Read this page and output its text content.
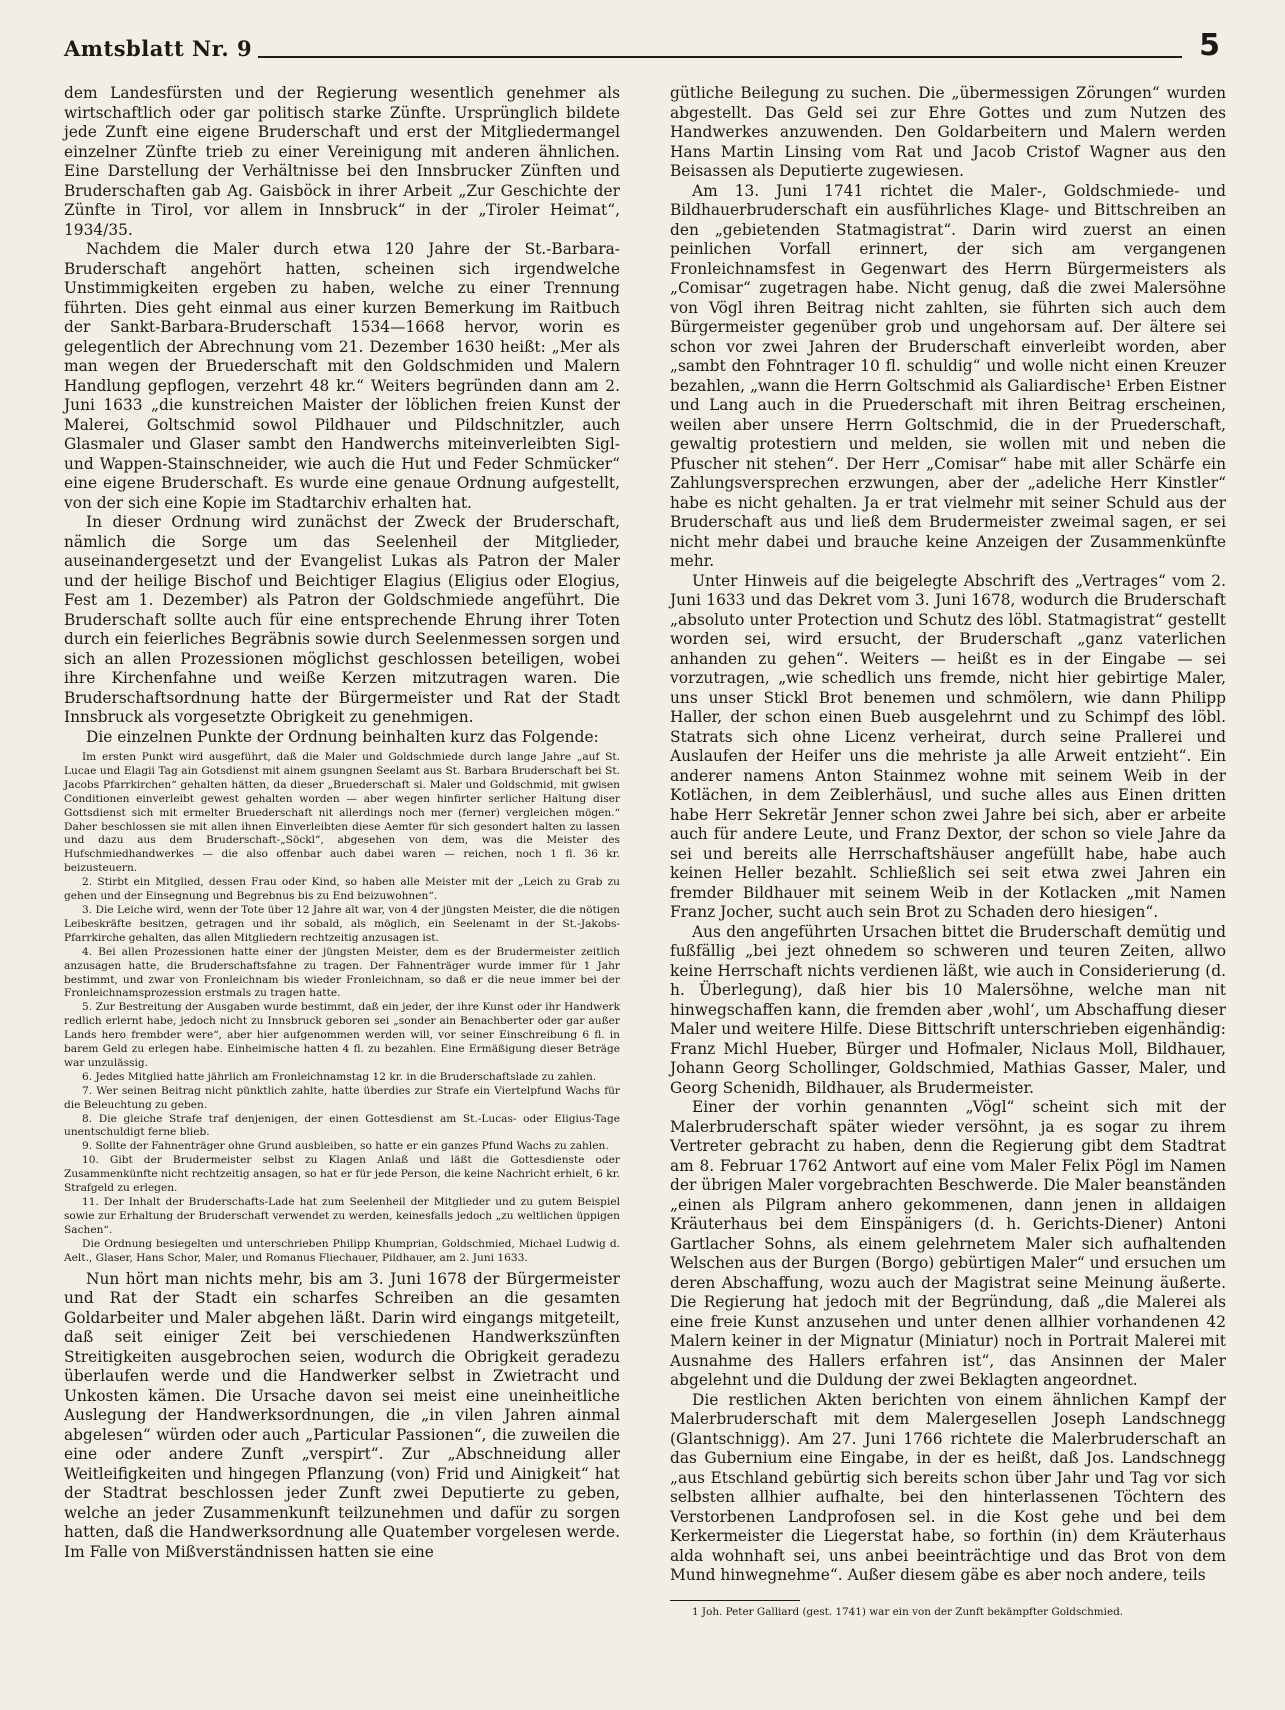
Amtsblatt Nr. 9	5

dem Landesfürsten und der Regierung wesentlich genehmer als wirtschaftlich oder gar politisch starke Zünfte. Ursprünglich bildete jede Zunft eine eigene Bruderschaft und erst der Mitgliedermangel einzelner Zünfte trieb zu einer Vereinigung mit anderen ähnlichen. Eine Darstellung der Verhältnisse bei den Innsbrucker Zünften und Bruderschaften gab Ag. Gaisböck in ihrer Arbeit „Zur Geschichte der Zünfte in Tirol, vor allem in Innsbruck“ in der „Tiroler Heimat“, 1934/35.

Nachdem die Maler durch etwa 120 Jahre der St.-Barbara-Bruderschaft angehört hatten, scheinen sich irgendwelche Unstimmigkeiten ergeben zu haben, welche zu einer Trennung führten. Dies geht einmal aus einer kurzen Bemerkung im Raitbuch der Sankt-Barbara-Bruderschaft 1534—1668 hervor, worin es gelegentlich der Abrechnung vom 21. Dezember 1630 heißt: „Mer als man wegen der Bruederschaft mit den Goldschmiden und Malern Handlung gepflogen, verzehrt 48 kr.“ Weiters begründen dann am 2. Juni 1633 „die kunstreichen Maister der löblichen freien Kunst der Malerei, Goltschmid sowol Pildhauer und Pildschnitzler, auch Glasmaler und Glaser sambt den Handwerchs miteinverleibten Sigl- und Wappen-Stainschneider, wie auch die Hut und Feder Schmücker“ eine eigene Bruderschaft. Es wurde eine genaue Ordnung aufgestellt, von der sich eine Kopie im Stadtarchiv erhalten hat.

In dieser Ordnung wird zunächst der Zweck der Bruderschaft, nämlich die Sorge um das Seelenheil der Mitglieder, auseinandergesetzt und der Evangelist Lukas als Patron der Maler und der heilige Bischof und Beichtiger Elagius (Eligius oder Elogius, Fest am 1. Dezember) als Patron der Goldschmiede angeführt. Die Bruderschaft sollte auch für eine entsprechende Ehrung ihrer Toten durch ein feierliches Begräbnis sowie durch Seelenmessen sorgen und sich an allen Prozessionen möglichst geschlossen beteiligen, wobei ihre Kirchenfahne und weiße Kerzen mitzutragen waren. Die Bruderschaftsordnung hatte der Bürgermeister und Rat der Stadt Innsbruck als vorgesetzte Obrigkeit zu genehmigen.

Die einzelnen Punkte der Ordnung beinhalten kurz das Folgende:

Im ersten Punkt wird ausgeführt, daß die Maler und Goldschmiede durch lange Jahre „auf St. Lucae und Elagii Tag ain Gotsdienst mit ainem gsungnen Seelamt aus St. Barbara Bruderschaft bei St. Jacobs Pfarrkirchen“ gehalten hätten, da dieser „Bruederschaft si. Maler und Goldschmid, mit gwisen Conditionen einverleibt gewest gehalten worden — aber wegen hinfirter serlicher Haltung diser Gottsdienst sich mit ermelter Bruederschaft nit allerdings noch mer (ferner) vergleichen mögen.“ Daher beschlossen sie mit allen ihnen Einverleibten diese Aemter für sich gesondert halten zu lassen und dazu aus dem Bruderschaft-„Söckl“, abgesehen von dem, was die Meister des Hufschmiedhandwerkes — die also offenbar auch dabei waren — reichen, noch 1 fl. 36 kr. beizusteuern.

2. Stirbt ein Mitglied, dessen Frau oder Kind, so haben alle Meister mit der „Leich zu Grab zu gehen und der Einsegnung und Begrebnus bis zu End beizuwohnen“.

3. Die Leiche wird, wenn der Tote über 12 Jahre alt war, von 4 der jüngsten Meister, die die nötigen Leibeskräfte besitzen, getragen und ihr sobald, als möglich, ein Seelenamt in der St.-Jakobs-Pfarrkirche gehalten, das allen Mitgliedern rechtzeitig anzusagen ist.

4. Bei allen Prozessionen hatte einer der jüngsten Meister, dem es der Brudermeister zeitlich anzusagen hatte, die Bruderschaftsfahne zu tragen. Der Fahnenträger wurde immer für 1 Jahr bestimmt, und zwar von Fronleichnam bis wieder Fronleichnam, so daß er die neue immer bei der Fronleichnamsprozession erstmals zu tragen hatte.

5. Zur Bestreitung der Ausgaben wurde bestimmt, daß ein jeder, der ihre Kunst oder ihr Handwerk redlich erlernt habe, jedoch nicht zu Innsbruck geboren sei „sonder ain Benachberter oder gar außer Lands hero frembder were“, aber hier aufgenommen werden will, vor seiner Einschreibung 6 fl. in barem Geld zu erlegen habe. Einheimische hatten 4 fl. zu bezahlen. Eine Ermäßigung dieser Beträge war unzulässig.

6. Jedes Mitglied hatte jährlich am Fronleichnamstag 12 kr. in die Bruderschaftslade zu zahlen.

7. Wer seinen Beitrag nicht pünktlich zahlte, hatte überdies zur Strafe ein Viertelpfund Wachs für die Beleuchtung zu geben.

8. Die gleiche Strafe traf denjenigen, der einen Gottesdienst am St.-Lucas- oder Eligius-Tage unentschuldigt ferne blieb.

9. Sollte der Fahnenträger ohne Grund ausbleiben, so hatte er ein ganzes Pfund Wachs zu zahlen.

10. Gibt der Brudermeister selbst zu Klagen Anlaß und läßt die Gottesdienste oder Zusammenkünfte nicht rechtzeitig ansagen, so hat er für jede Person, die keine Nachricht erhielt, 6 kr. Strafgeld zu erlegen.

11. Der Inhalt der Bruderschafts-Lade hat zum Seelenheil der Mitglieder und zu gutem Beispiel sowie zur Erhaltung der Bruderschaft verwendet zu werden, keinesfalls jedoch „zu weltlichen üppigen Sachen“.

Die Ordnung besiegelten und unterschrieben Philipp Khumprian, Goldschmied, Michael Ludwig d. Aelt., Glaser, Hans Schor, Maler, und Romanus Fliechauer, Pildhauer, am 2. Juni 1633.

Nun hört man nichts mehr, bis am 3. Juni 1678 der Bürgermeister und Rat der Stadt ein scharfes Schreiben an die gesamten Goldarbeiter und Maler abgehen läßt. Darin wird eingangs mitgeteilt, daß seit einiger Zeit bei verschiedenen Handwerkszünften Streitigkeiten ausgebrochen seien, wodurch die Obrigkeit geradezu überlaufen werde und die Handwerker selbst in Zwietracht und Unkosten kämen. Die Ursache davon sei meist eine uneinheitliche Auslegung der Handwerksordnungen, die „in vilen Jahren ainmal abgelesen“ würden oder auch „Particular Passionen“, die zuweilen die eine oder andere Zunft „verspirt“. Zur „Abschneidung aller Weitleifigkeiten und hingegen Pflanzung (von) Frid und Ainigkeit“ hat der Stadtrat beschlossen jeder Zunft zwei Deputierte zu geben, welche an jeder Zusammenkunft teilzunehmen und dafür zu sorgen hatten, daß die Handwerksordnung alle Quatember vorgelesen werde. Im Falle von Mißverständnissen hatten sie eine

gütliche Beilegung zu suchen. Die „übermessigen Zörungen“ wurden abgestellt. Das Geld sei zur Ehre Gottes und zum Nutzen des Handwerkes anzuwenden. Den Goldarbeitern und Malern werden Hans Martin Linsing vom Rat und Jacob Cristof Wagner aus den Beisassen als Deputierte zugewiesen.

Am 13. Juni 1741 richtet die Maler-, Goldschmiede- und Bildhauerbruderschaft ein ausführliches Klage- und Bittschreiben an den „gebietenden Statmagistrat“. Darin wird zuerst an einen peinlichen Vorfall erinnert, der sich am vergangenen Fronleichnamsfest in Gegenwart des Herrn Bürgermeisters als „Comisar“ zugetragen habe. Nicht genug, daß die zwei Malersöhne von Vögl ihren Beitrag nicht zahlten, sie führten sich auch dem Bürgermeister gegenüber grob und ungehorsam auf. Der ältere sei schon vor zwei Jahren der Bruderschaft einverleibt worden, aber „sambt den Fohntrager 10 fl. schuldig“ und wolle nicht einen Kreuzer bezahlen, „wann die Herrn Goltschmid als Galiardische¹ Erben Eistner und Lang auch in die Pruederschaft mit ihren Beitrag erscheinen, weilen aber unsere Herrn Goltschmid, die in der Pruederschaft, gewaltig protestiern und melden, sie wollen mit und neben die Pfuscher nit stehen“. Der Herr „Comisar“ habe mit aller Schärfe ein Zahlungsversprechen erzwungen, aber der „adeliche Herr Kinstler“ habe es nicht gehalten. Ja er trat vielmehr mit seiner Schuld aus der Bruderschaft aus und ließ dem Brudermeister zweimal sagen, er sei nicht mehr dabei und brauche keine Anzeigen der Zusammenkünfte mehr.

Unter Hinweis auf die beigelegte Abschrift des „Vertrages“ vom 2. Juni 1633 und das Dekret vom 3. Juni 1678, wodurch die Bruderschaft „absoluto unter Protection und Schutz des löbl. Statmagistrat“ gestellt worden sei, wird ersucht, der Bruderschaft „ganz vaterlichen anhanden zu gehen“. Weiters — heißt es in der Eingabe — sei vorzutragen, „wie schedlich uns fremde, nicht hier gebirtige Maler, uns unser Stickl Brot benemen und schmölern, wie dann Philipp Haller, der schon einen Bueb ausgelehrnt und zu Schimpf des löbl. Statrats sich ohne Licenz verheirat, durch seine Prallerei und Auslaufen der Heifer uns die mehriste ja alle Arweit entzieht“. Ein anderer namens Anton Stainmez wohne mit seinem Weib in der Kotlächen, in dem Zeiblerhäusl, und suche alles aus Einen dritten habe Herr Sekretär Jenner schon zwei Jahre bei sich, aber er arbeite auch für andere Leute, und Franz Dextor, der schon so viele Jahre da sei und bereits alle Herrschaftshäuser angefüllt habe, habe auch keinen Heller bezahlt. Schließlich sei seit etwa zwei Jahren ein fremder Bildhauer mit seinem Weib in der Kotlacken „mit Namen Franz Jocher, sucht auch sein Brot zu Schaden dero hiesigen“.

Aus den angeführten Ursachen bittet die Bruderschaft demütig und fußfällig „bei jezt ohnedem so schweren und teuren Zeiten, allwo keine Herrschaft nichts verdienen läßt, wie auch in Considerierung (d. h. Überlegung), daß hier bis 10 Malersöhne, welche man nit hinwegschaffen kann, die fremden aber ‚wohl‘, um Abschaffung dieser Maler und weitere Hilfe. Diese Bittschrift unterschrieben eigenhändig: Franz Michl Hueber, Bürger und Hofmaler, Niclaus Moll, Bildhauer, Johann Georg Schollinger, Goldschmied, Mathias Gasser, Maler, und Georg Schenidh, Bildhauer, als Brudermeister.

Einer der vorhin genannten „Vögl“ scheint sich mit der Malerbruderschaft später wieder versöhnt, ja es sogar zu ihrem Vertreter gebracht zu haben, denn die Regierung gibt dem Stadtrat am 8. Februar 1762 Antwort auf eine vom Maler Felix Pögl im Namen der übrigen Maler vorgebrachten Beschwerde. Die Maler beanständen „einen als Pilgram anhero gekommenen, dann jenen in alldaigen Kräuterhaus bei dem Einspänigers (d. h. Gerichts-Diener) Antoni Gartlacher Sohns, als einem gelehrnetem Maler sich aufhaltenden Welschen aus der Burgen (Borgo) gebürtigen Maler“ und ersuchen um deren Abschaffung, wozu auch der Magistrat seine Meinung äußerte. Die Regierung hat jedoch mit der Begründung, daß „die Malerei als eine freie Kunst anzusehen und unter denen allhier vorhandenen 42 Malern keiner in der Mignatur (Miniatur) noch in Portrait Malerei mit Ausnahme des Hallers erfahren ist“, das Ansinnen der Maler abgelehnt und die Duldung der zwei Beklagten angeordnet.

Die restlichen Akten berichten von einem ähnlichen Kampf der Malerbruderschaft mit dem Malergesellen Joseph Landschnegg (Glantschnigg). Am 27. Juni 1766 richtete die Malerbruderschaft an das Gubernium eine Eingabe, in der es heißt, daß Jos. Landschnegg „aus Etschland gebürtig sich bereits schon über Jahr und Tag vor sich selbsten allhier aufhalte, bei den hinterlassenen Töchtern des Verstorbenen Landprofosen sel. in die Kost gehe und bei dem Kerkermeister die Liegerstat habe, so forthin (in) dem Kräuterhaus alda wohnhaft sei, uns anbei beeinträchtige und das Brot von dem Mund hinwegnehme“. Außer diesem gäbe es aber noch andere, teils

1 Joh. Peter Galliard (gest. 1741) war ein von der Zunft bekämpfter Goldschmied.
